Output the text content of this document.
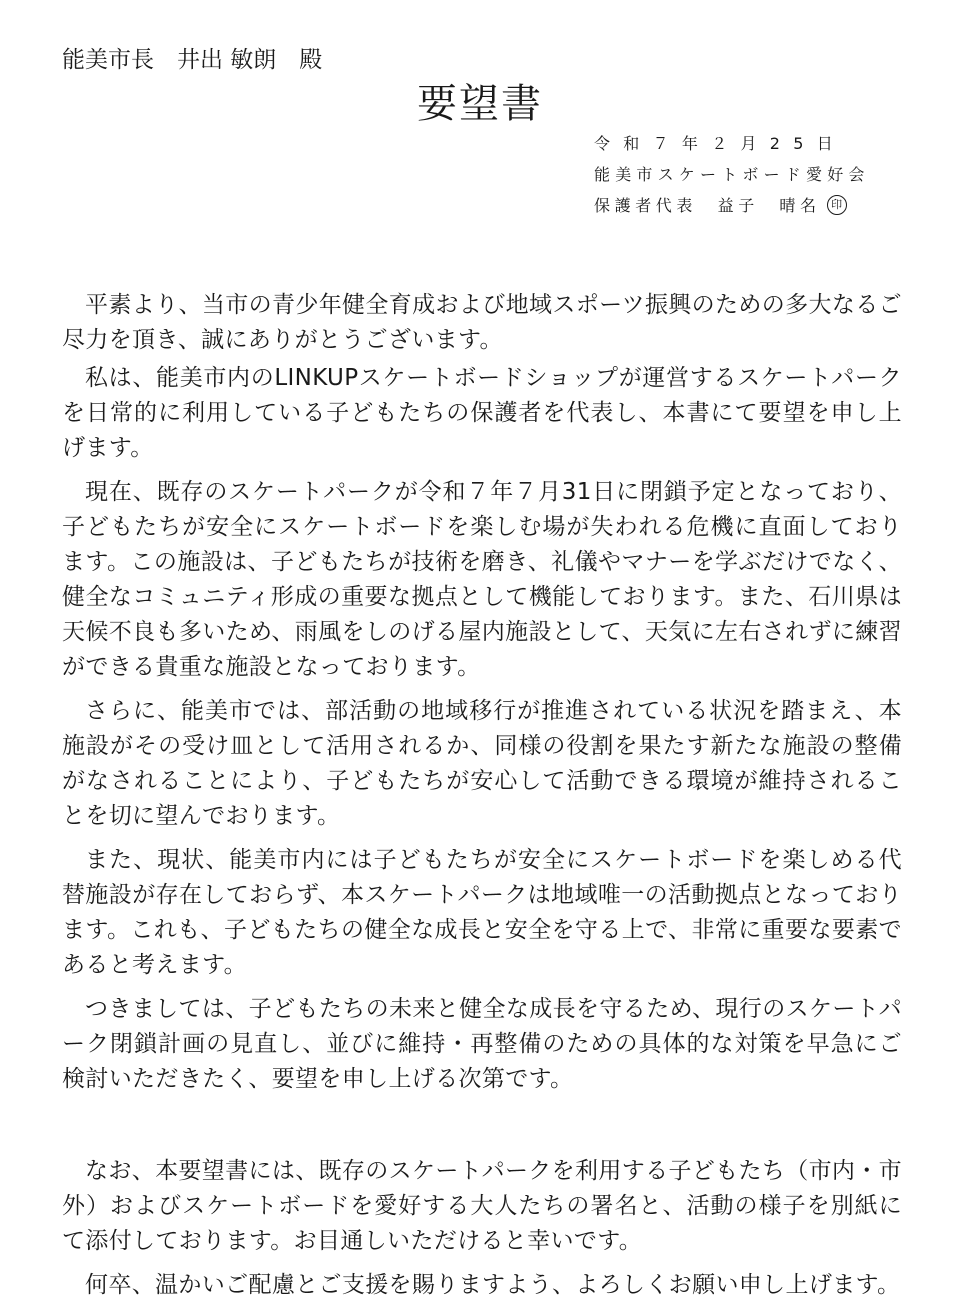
能美市長　井出 敏朗　殿
要望書
令和７年２月25日
能美市スケートボード愛好会
保護者代表　益子　晴名 印

平素より、当市の青少年健全育成および地域スポーツ振興のための多大なるご尽力を頂き、誠にありがとうございます。

私は、能美市内のLINKUPスケートボードショップが運営するスケートパークを日常的に利用している子どもたちの保護者を代表し、本書にて要望を申し上げます。

現在、既存のスケートパークが令和７年７月31日に閉鎖予定となっており、子どもたちが安全にスケートボードを楽しむ場が失われる危機に直面しております。この施設は、子どもたちが技術を磨き、礼儀やマナーを学ぶだけでなく、健全なコミュニティ形成の重要な拠点として機能しております。また、石川県は天候不良も多いため、雨風をしのげる屋内施設として、天気に左右されずに練習ができる貴重な施設となっております。

さらに、能美市では、部活動の地域移行が推進されている状況を踏まえ、本施設がその受け皿として活用されるか、同様の役割を果たす新たな施設の整備がなされることにより、子どもたちが安心して活動できる環境が維持されることを切に望んでおります。

また、現状、能美市内には子どもたちが安全にスケートボードを楽しめる代替施設が存在しておらず、本スケートパークは地域唯一の活動拠点となっております。これも、子どもたちの健全な成長と安全を守る上で、非常に重要な要素であると考えます。

つきましては、子どもたちの未来と健全な成長を守るため、現行のスケートパーク閉鎖計画の見直し、並びに維持・再整備のための具体的な対策を早急にご検討いただきたく、要望を申し上げる次第です。

なお、本要望書には、既存のスケートパークを利用する子どもたち（市内・市外）およびスケートボードを愛好する大人たちの署名と、活動の様子を別紙にて添付しております。お目通しいただけると幸いです。

何卒、温かいご配慮とご支援を賜りますよう、よろしくお願い申し上げます。
